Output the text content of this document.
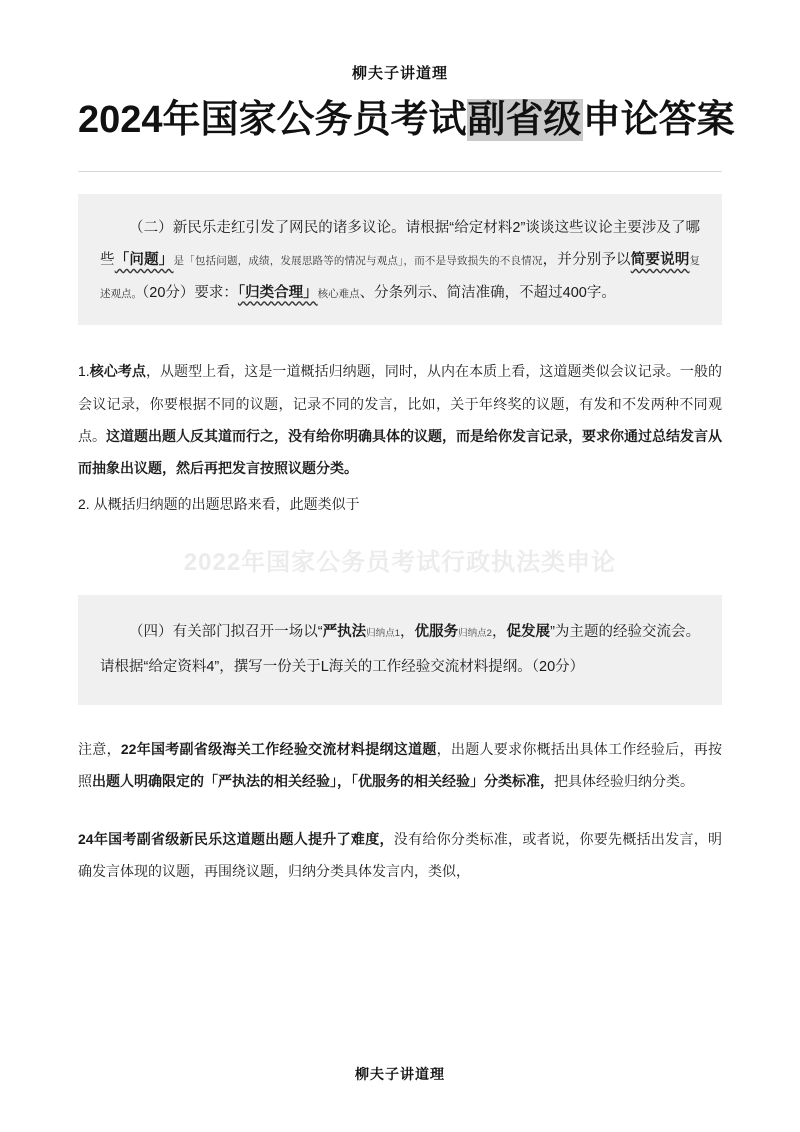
柳夫子讲道理
2024年国家公务员考试副省级申论答案
（二）新民乐走红引发了网民的诸多议论。请根据“给定材料2”谈谈这些议论主要涉及了哪些「问题」是「包括问题，成绩，发展思路等的情况与观点」，而不是导致损失的不良情况，并分别予以简要说明复述观点。（20分）要求：「归类合理」核心难点、分条列示、简洁准确，不超过400字。
1.核心考点，从题型上看，这是一道概括归纳题，同时，从内在本质上看，这道题类似会议记录。一般的会议记录，你要根据不同的议题，记录不同的发言，比如，关于年终奖的议题，有发和不发两种不同观点。这道题出题人反其道而行之，没有给你明确具体的议题，而是给你发言记录，要求你通过总结发言从而抽象出议题，然后再把发言按照议题分类。
2. 从概括归纳题的出题思路来看，此题类似于
2022年国家公务员考试行政执法类申论
（四）有关部门拟召开一场以“严执法归纳点1，优服务归纳点2，促发展”为主题的经验交流会。请根据“给定资料4”，撰写一份关于L海关的工作经验交流材料提纲。（20分）

注意，22年国考副省级海关工作经验交流材料提纲这道题，出题人要求你概括出具体工作经验后，再按照出题人明确限定的「严执法的相关经验」，「优服务的相关经验」分类标准，把具体经验归纳分类。

24年国考副省级新民乐这道题出题人提升了难度，没有给你分类标准，或者说，你要先概括出发言，明确发言体现的议题，再围绕议题，归纳分类具体发言内，类似，

柳夫子讲道理
